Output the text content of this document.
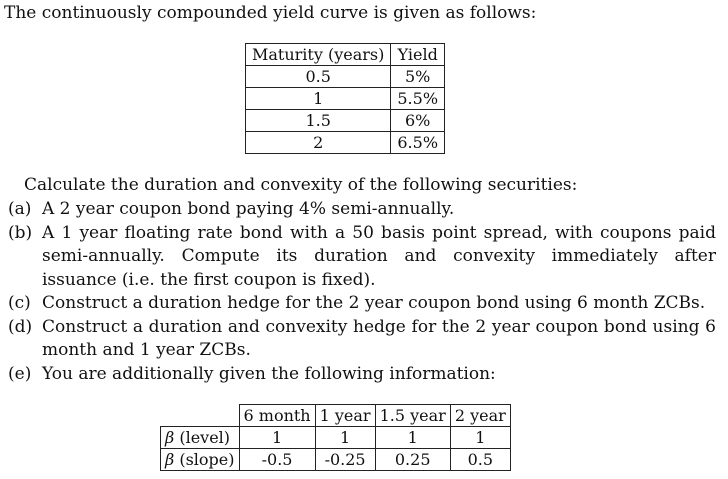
The continuously compounded yield curve is given as follows:
Maturity (years)	Yield
0.5	5%
1	5.5%
1.5	6%
2	6.5%
Calculate the duration and convexity of the following securities:
(a) A 2 year coupon bond paying 4% semi-annually.
(b) A 1 year floating rate bond with a 50 basis point spread, with coupons paid semi-annually. Compute its duration and convexity immediately after issuance (i.e. the first coupon is fixed).
(c) Construct a duration hedge for the 2 year coupon bond using 6 month ZCBs.
(d) Construct a duration and convexity hedge for the 2 year coupon bond using 6 month and 1 year ZCBs.
(e) You are additionally given the following information:
	6 month	1 year	1.5 year	2 year
β (level)	1	1	1	1
β (slope)	-0.5	-0.25	0.25	0.5
